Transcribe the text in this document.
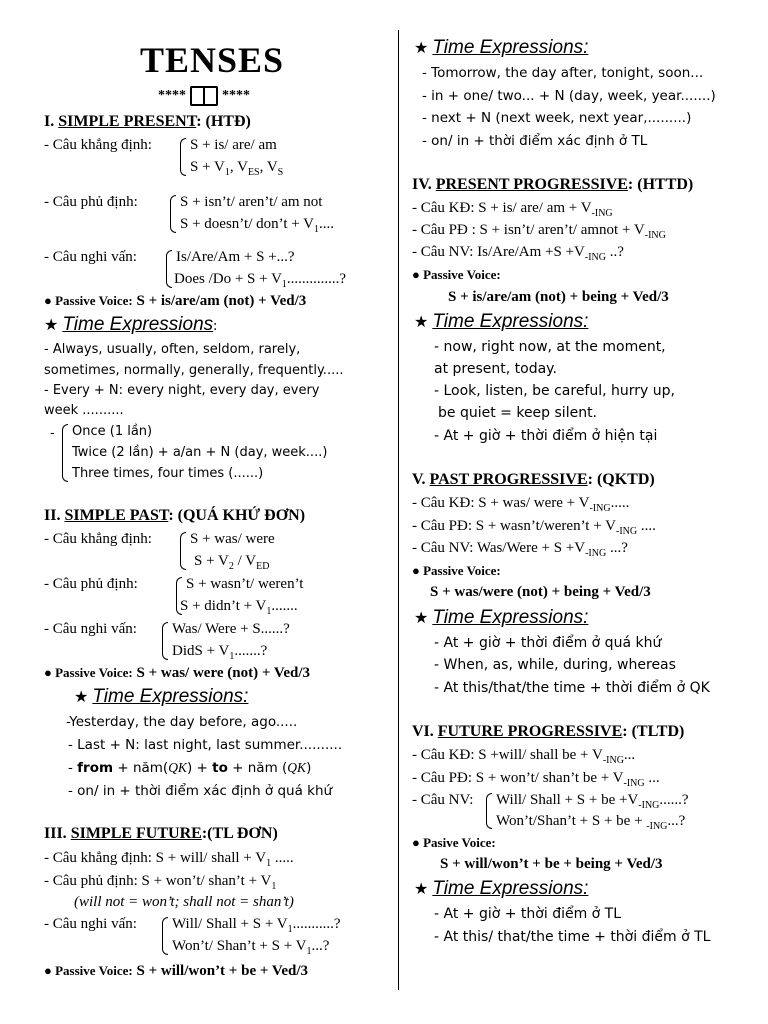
TENSES
****	****
I. SIMPLE PRESENT: (HTĐ)
- Câu khẳng định:	S + is/ are/ am
$S + V_1$, $V_{ES}$, $V_S$
- Câu phủ định:	S + isn’t/ aren’t/ am not
S + doesn’t/ don’t + $V_1$....
- Câu nghi vấn:	Is/Are/Am + S +...?
Does $/Do + S + V_1$..............?
● Passive Voice: S + is/are/am (not) + Ved/3
★ Time Expressions:
- Always, usually, often, seldom, rarely,
sometimes, normally, generally, frequently.....
- Every + N: every night, every day, every
week ..........
- Once (1 lần)
Twice (2 lần) + a/an + N (day, week....)
Three times, four times (......)
II. SIMPLE PAST: (QUÁ KHỨ ĐƠN)
- Câu khẳng định:	S + was/ were
$S + V_2 / V_{ED}$
- Câu phủ định:	S + wasn’t/ weren’t
S + didn’t + $V_1$.......
- Câu nghi vấn: Was/ Were + S......?
DidS + $V_1$.......?
● Passive Voice: S + was/ were (not) + Ved/3
★ Time Expressions:
-Yesterday, the day before, ago.....
- Last + N: last night, last summer..........
- from + năm(QK) + to + năm (QK)
- on/ in + thời điểm xác định ở quá khứ
III. SIMPLE FUTURE:(TL ĐƠN)
- Câu khẳng định: S + will/ shall + $V_1$ .....
- Câu phủ định: S + won’t/ shan’t + $V_1$
(will not = won’t; shall not = shan’t)
- Câu nghi vấn: Will/ Shall + $S + V_1$...........?
Won’t/ Shan’t + $S + V_1$...?
● Passive Voice: S + will/won’t + be + Ved/3
★ Time Expressions:
- Tomorrow, the day after, tonight, soon...
- in + one/ two... + N (day, week, year.......)
- next + N (next week, next year,.........)
- on/ in + thời điểm xác định ở TL
IV. PRESENT PROGRESSIVE: (HTTD)
- Câu KĐ: S + is/ are/ am + $V_{-ING}$
- Câu PĐ : S + isn’t/ aren’t/ amnot + $V_{-ING}$
- Câu NV: $Is/Are/Am +S +V_{-ING}$ ..?
● Passive Voice:
S + is/are/am (not) + being + Ved/3
★ Time Expressions:
- now, right now, at the moment,
at present, today.
- Look, listen, be careful, hurry up,
be quiet = keep silent.
- At + giờ + thời điểm ở hiện tại
V. PAST PROGRESSIVE: (QKTD)
- Câu KĐ: S + was/ were + $V_{-ING}$.....
- Câu PĐ: S + wasn’t/weren’t + $V_{-ING}$ ....
- Câu NV: Was/Were + $S +V_{-ING}$ ...?
● Passive Voice:
S + was/were (not) + being + Ved/3
★ Time Expressions:
- At + giờ + thời điểm ở quá khứ
- When, as, while, during, whereas
- At this/that/the time + thời điểm ở QK
VI. FUTURE PROGRESSIVE: (TLTD)
- Câu KĐ: S +will/ shall be + $V_{-ING}$...
- Câu PĐ: S + won’t/ shan’t be + $V_{-ING}$ ...
- Câu NV: Will/ Shall + S + be $+V_{-ING}$......?
Won’t/Shan’t + S + be + $_{-ING}$...?
● Pasive Voice:
S + will/won’t + be + being + Ved/3
★ Time Expressions:
- At + giờ + thời điểm ở TL
- At this/ that/the time + thời điểm ở TL
